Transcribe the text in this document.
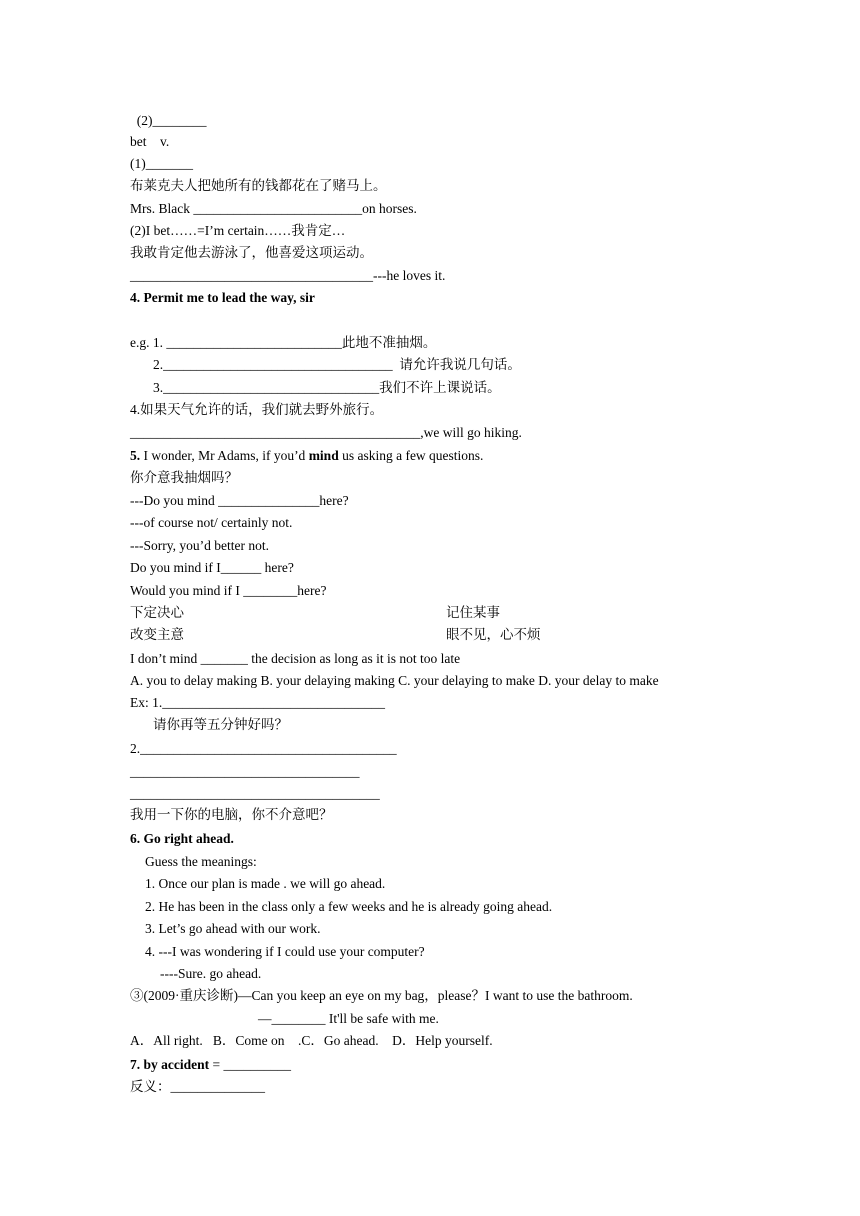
(2)________
bet    v.
(1)_______
布莱克夫人把她所有的钱都花在了赌马上。
Mrs. Black _________________________on horses.
(2)I bet……=I’m certain……我肯定…
我敢肯定他去游泳了，他喜爱这项运动。
____________________________________---he loves it.
4. Permit me to lead the way, sir
e.g. 1. __________________________此地不准抽烟。
2.__________________________________  请允许我说几句话。
3.________________________________我们不许上课说话。
4.如果天气允许的话，我们就去野外旅行。
___________________________________________,we will go hiking.
5. I wonder, Mr Adams, if you’d mind us asking a few questions.
你介意我抽烟吗？
---Do you mind _______________here?
---of course not/ certainly not.
---Sorry, you’d better not.
Do you mind if I______ here?
Would you mind if I ________here?
下定决心	记住某事
改变主意	眼不见，心不烦
I don’t mind _______ the decision as long as it is not too late
A. you to delay making B. your delaying making C. your delaying to make D. your delay to make
Ex: 1._________________________________
请你再等五分钟好吗？
2.______________________________________
__________________________________
_____________________________________
我用一下你的电脑，你不介意吧？
6. Go right ahead.
Guess the meanings:
1. Once our plan is made . we will go ahead.
2. He has been in the class only a few weeks and he is already going ahead.
3. Let’s go ahead with our work.
4. ---I was wondering if I could use your computer?
----Sure. go ahead.
③(2009·重庆诊断)—Can you keep an eye on my bag，please？I want to use the bathroom.
—________ It'll be safe with me.
A．All right.   B．Come on    .C．Go ahead.    D．Help yourself.
7. by accident = __________
反义：______________
